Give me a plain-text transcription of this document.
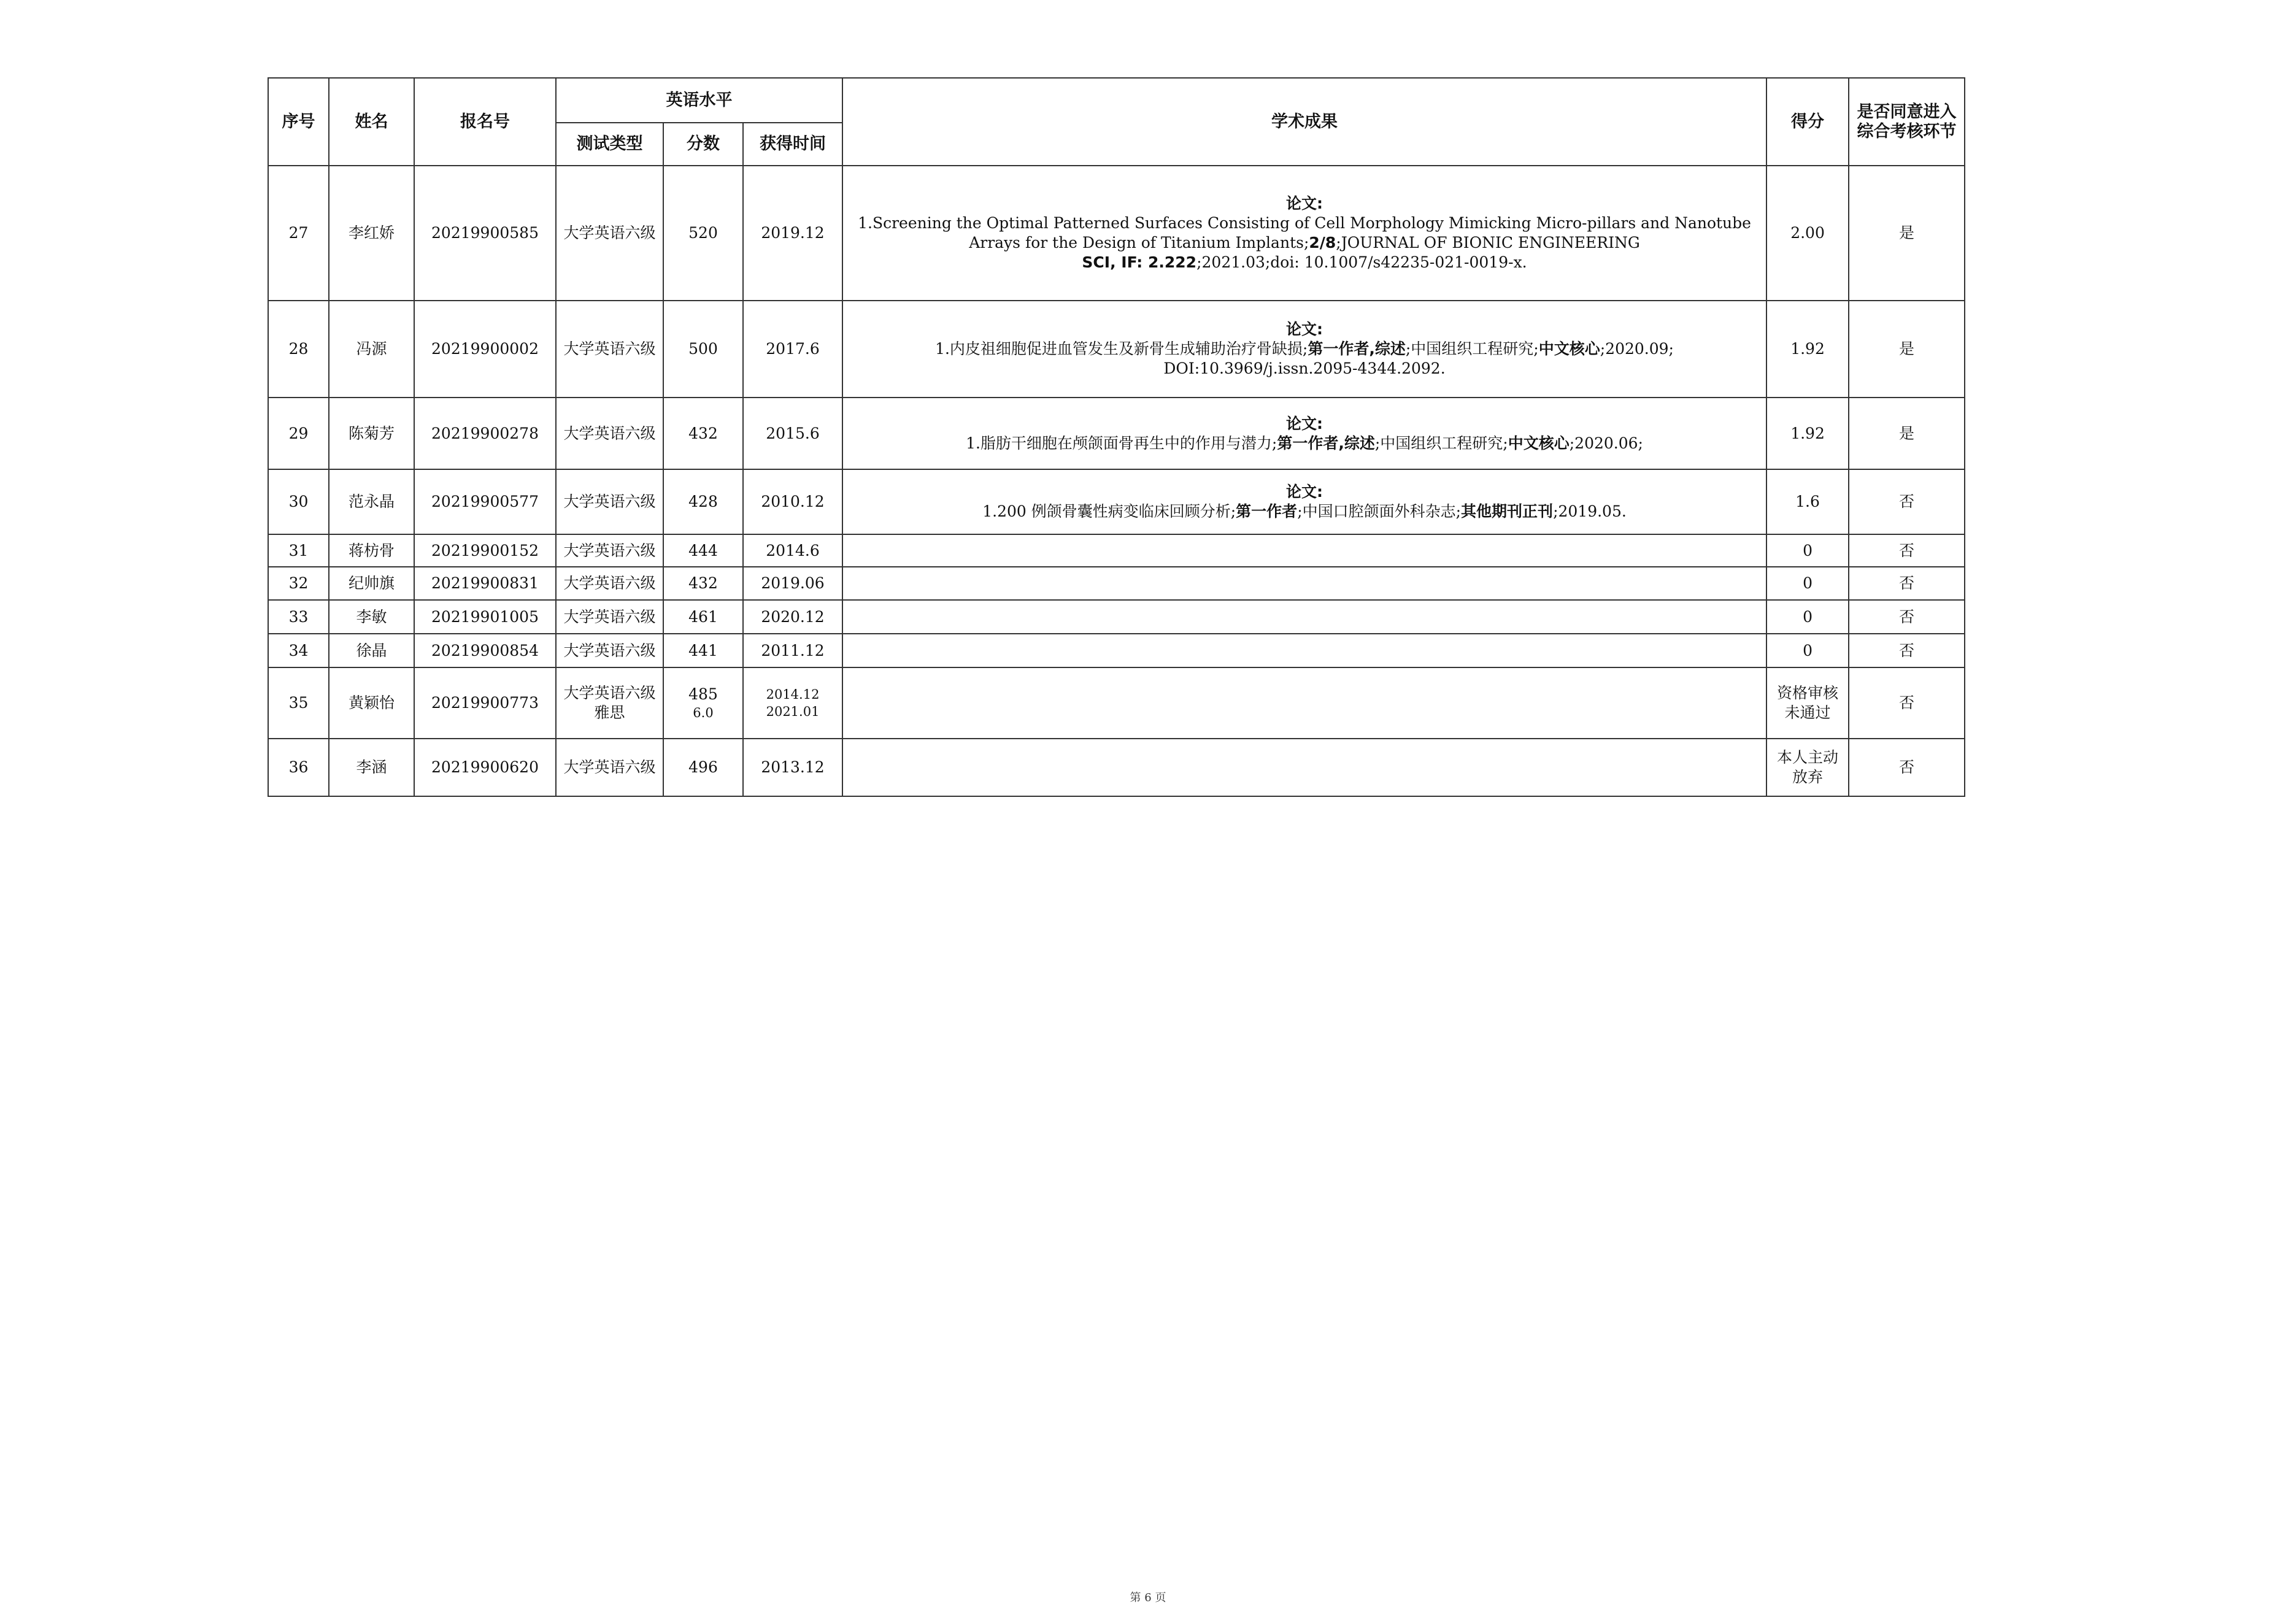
序号	姓名	报名号	英语水平			学术成果	得分	是否同意进入
综合考核环节

			测试类型	分数	获得时间			
27	李红娇	20219900585	大学英语六级	520	2019.12	论文:
1.Screening the Optimal Patterned Surfaces Consisting of Cell Morphology Mimicking Micro-pillars and Nanotube Arrays for the Design of Titanium Implants;2/8;JOURNAL OF BIONIC ENGINEERING
SCI, IF: 2.222;2021.03;doi: 10.1007/s42235-021-0019-x.	2.00	是
28	冯源	20219900002	大学英语六级	500	2017.6	论文:
1.内皮祖细胞促进血管发生及新骨生成辅助治疗骨缺损;第一作者,综述;中国组织工程研究;中文核心;2020.09; DOI:10.3969/j.issn.2095-4344.2092.	1.92	是
29	陈菊芳	20219900278	大学英语六级	432	2015.6	论文:
1.脂肪干细胞在颅颌面骨再生中的作用与潜力;第一作者,综述;中国组织工程研究;中文核心;2020.06;	1.92	是
30	范永晶	20219900577	大学英语六级	428	2010.12	论文:
1.200 例颌骨囊性病变临床回顾分析;第一作者;中国口腔颌面外科杂志;其他期刊正刊;2019.05.	1.6	否
31	蒋枋骨	20219900152	大学英语六级	444	2014.6		0	否
32	纪帅旗	20219900831	大学英语六级	432	2019.06		0	否
33	李敏	20219901005	大学英语六级	461	2020.12		0	否
34	徐晶	20219900854	大学英语六级	441	2011.12		0	否
35	黄颖怡	20219900773	大学英语六级
雅思	485
6.0	2014.12
2021.01		资格审核
未通过	否
36	李涵	20219900620	大学英语六级	496	2013.12		本人主动
放弃	否
第 6 页
